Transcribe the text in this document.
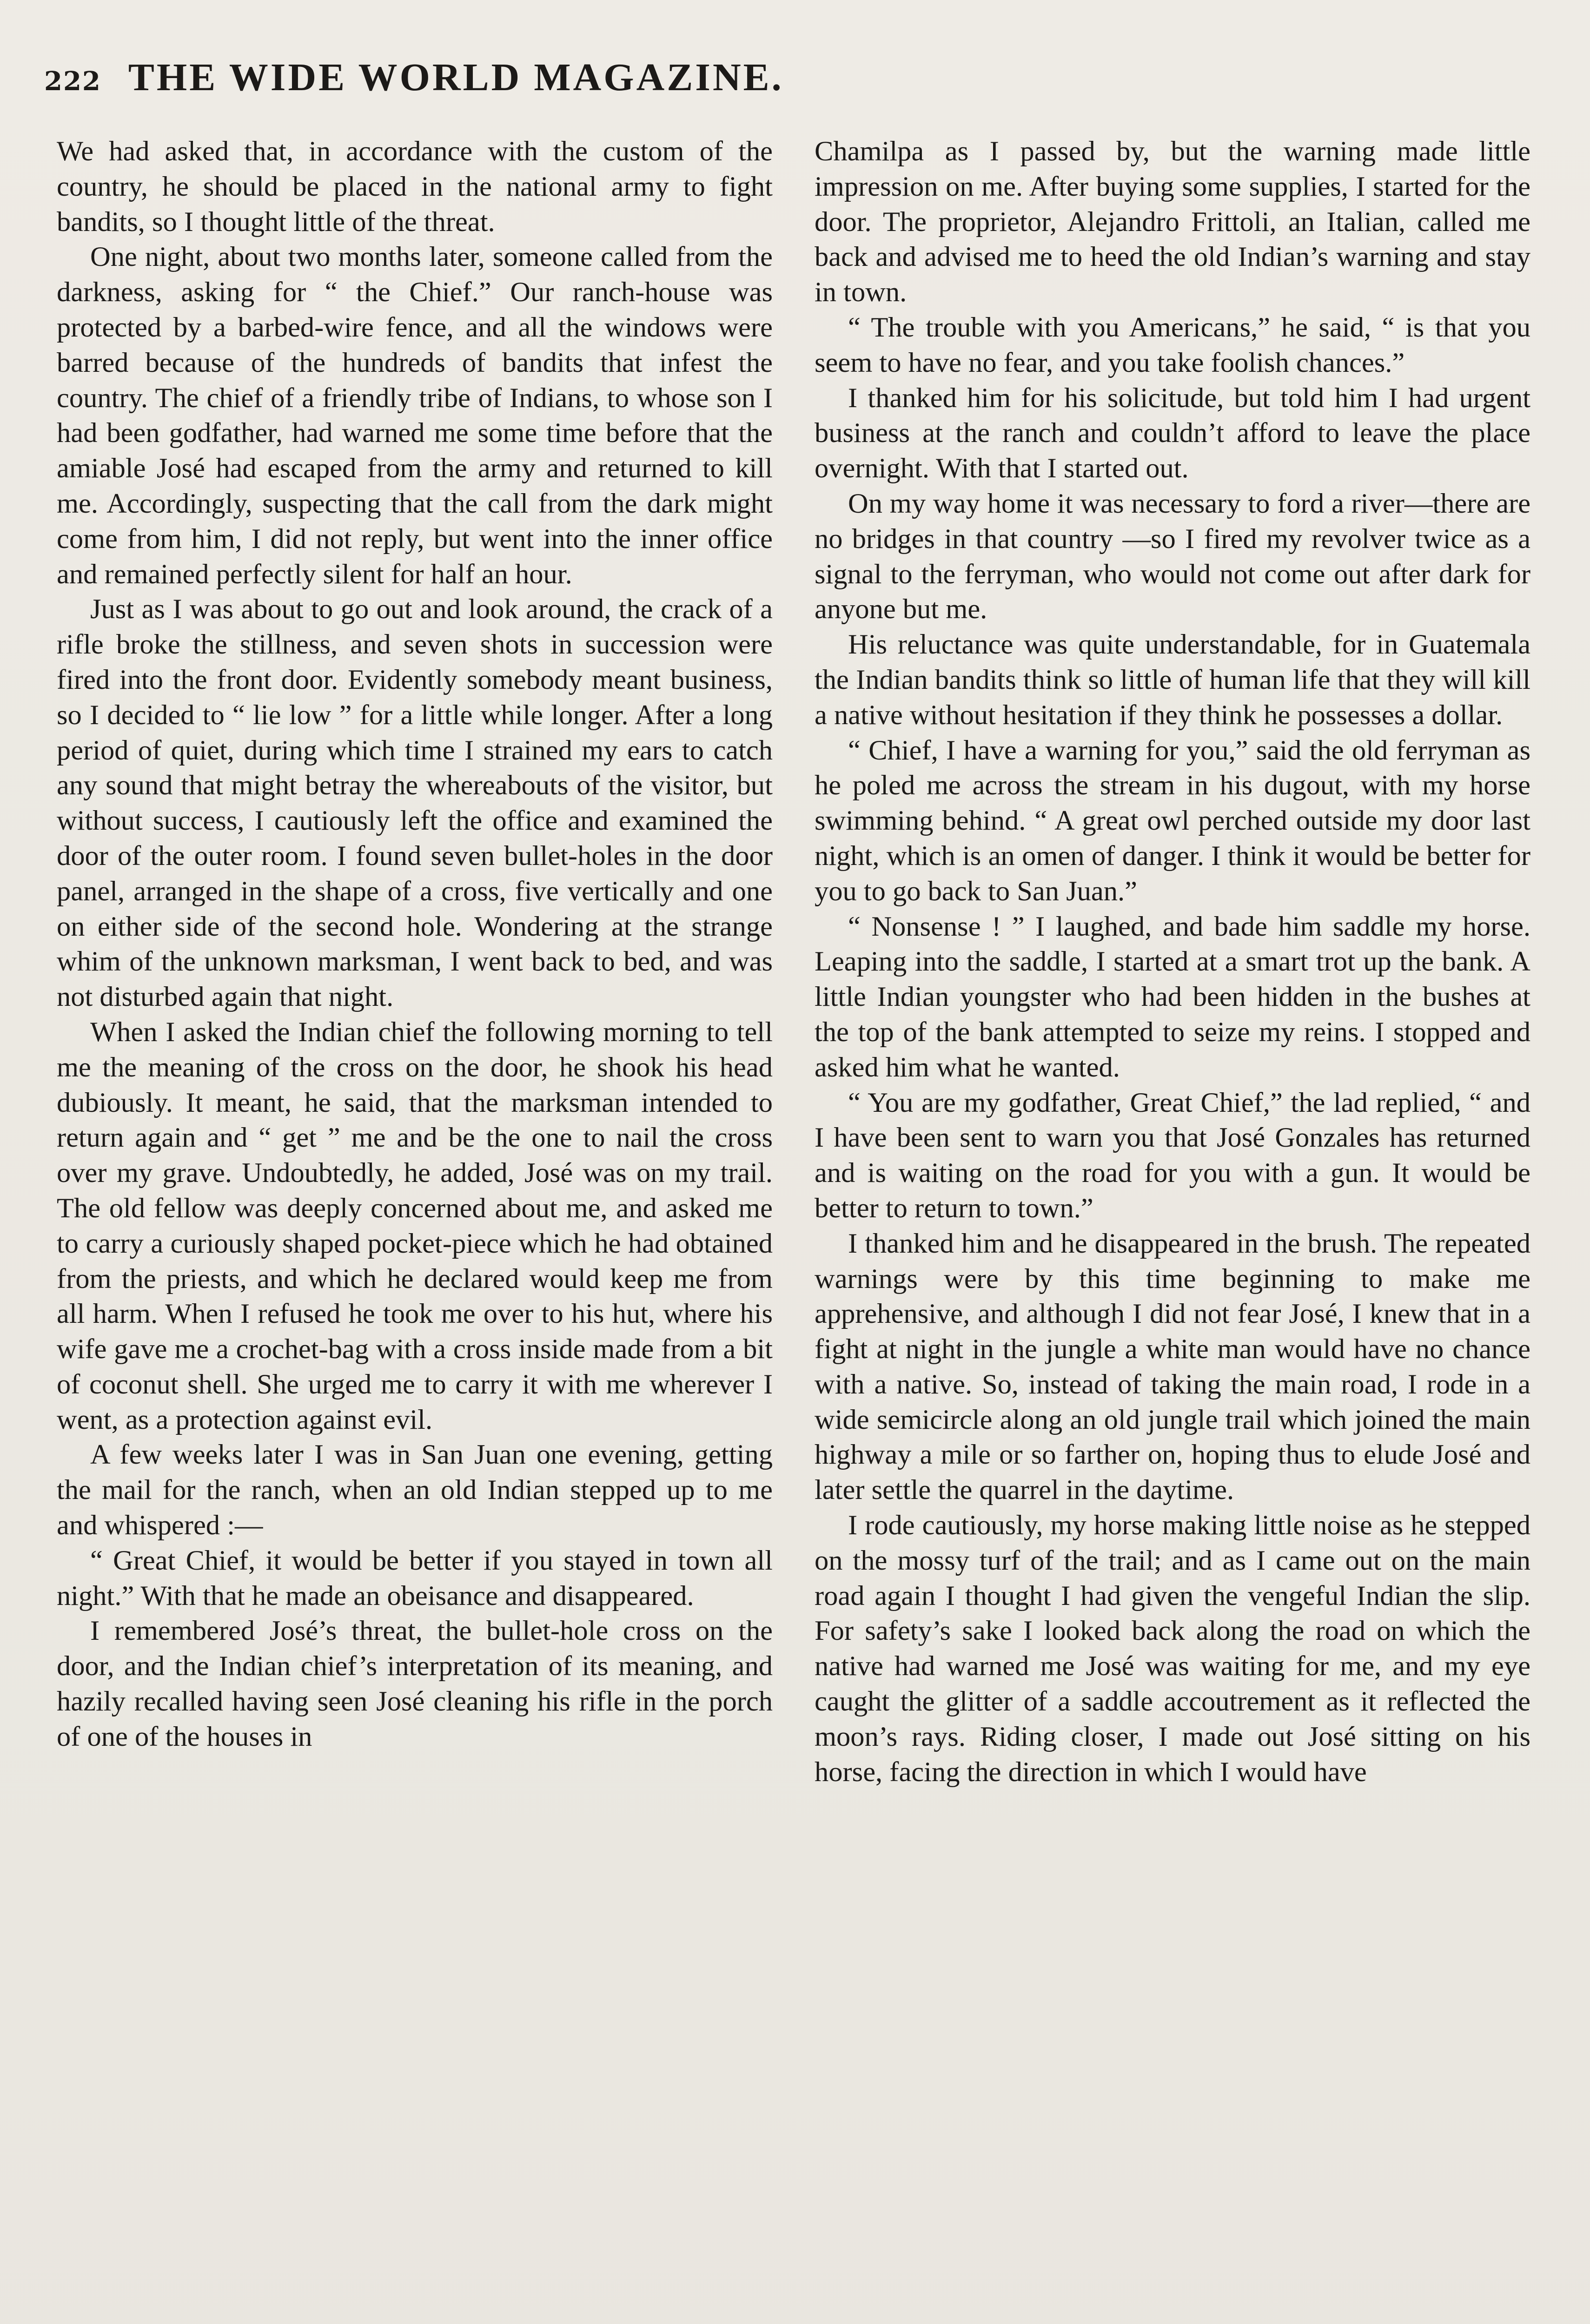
222 THE WIDE WORLD MAGAZINE.

We had asked that, in accordance with the custom of the country, he should be placed in the national army to fight bandits, so I thought little of the threat.

One night, about two months later, someone called from the darkness, asking for “ the Chief.” Our ranch-house was protected by a barbed-wire fence, and all the windows were barred because of the hundreds of bandits that infest the country. The chief of a friendly tribe of Indians, to whose son I had been godfather, had warned me some time before that the amiable José had escaped from the army and returned to kill me. Accordingly, suspecting that the call from the dark might come from him, I did not reply, but went into the inner office and remained perfectly silent for half an hour.

Just as I was about to go out and look around, the crack of a rifle broke the stillness, and seven shots in succession were fired into the front door. Evidently somebody meant business, so I decided to “ lie low ” for a little while longer. After a long period of quiet, during which time I strained my ears to catch any sound that might betray the whereabouts of the visitor, but without success, I cautiously left the office and examined the door of the outer room. I found seven bullet-holes in the door panel, arranged in the shape of a cross, five vertically and one on either side of the second hole. Wondering at the strange whim of the unknown marksman, I went back to bed, and was not disturbed again that night.

When I asked the Indian chief the following morning to tell me the meaning of the cross on the door, he shook his head dubiously. It meant, he said, that the marksman intended to return again and “ get ” me and be the one to nail the cross over my grave. Undoubtedly, he added, José was on my trail. The old fellow was deeply concerned about me, and asked me to carry a curiously shaped pocket-piece which he had obtained from the priests, and which he declared would keep me from all harm. When I refused he took me over to his hut, where his wife gave me a crochet-bag with a cross inside made from a bit of coconut shell. She urged me to carry it with me wherever I went, as a protection against evil.

A few weeks later I was in San Juan one evening, getting the mail for the ranch, when an old Indian stepped up to me and whispered :—

“ Great Chief, it would be better if you stayed in town all night.” With that he made an obeisance and disappeared.

I remembered José’s threat, the bullet-hole cross on the door, and the Indian chief’s interpretation of its meaning, and hazily recalled having seen José cleaning his rifle in the porch of one of the houses in

Chamilpa as I passed by, but the warning made little impression on me. After buying some supplies, I started for the door. The proprietor, Alejandro Frittoli, an Italian, called me back and advised me to heed the old Indian’s warning and stay in town.

“ The trouble with you Americans,” he said, “ is that you seem to have no fear, and you take foolish chances.”

I thanked him for his solicitude, but told him I had urgent business at the ranch and couldn’t afford to leave the place overnight. With that I started out.

On my way home it was necessary to ford a river—there are no bridges in that country —so I fired my revolver twice as a signal to the ferryman, who would not come out after dark for anyone but me.

His reluctance was quite understandable, for in Guatemala the Indian bandits think so little of human life that they will kill a native without hesitation if they think he possesses a dollar.

“ Chief, I have a warning for you,” said the old ferryman as he poled me across the stream in his dugout, with my horse swimming behind. “ A great owl perched outside my door last night, which is an omen of danger. I think it would be better for you to go back to San Juan.”

“ Nonsense ! ” I laughed, and bade him saddle my horse. Leaping into the saddle, I started at a smart trot up the bank. A little Indian youngster who had been hidden in the bushes at the top of the bank attempted to seize my reins. I stopped and asked him what he wanted.

“ You are my godfather, Great Chief,” the lad replied, “ and I have been sent to warn you that José Gonzales has returned and is waiting on the road for you with a gun. It would be better to return to town.”

I thanked him and he disappeared in the brush. The repeated warnings were by this time beginning to make me apprehensive, and although I did not fear José, I knew that in a fight at night in the jungle a white man would have no chance with a native. So, instead of taking the main road, I rode in a wide semicircle along an old jungle trail which joined the main highway a mile or so farther on, hoping thus to elude José and later settle the quarrel in the daytime.

I rode cautiously, my horse making little noise as he stepped on the mossy turf of the trail; and as I came out on the main road again I thought I had given the vengeful Indian the slip. For safety’s sake I looked back along the road on which the native had warned me José was waiting for me, and my eye caught the glitter of a saddle accoutrement as it reflected the moon’s rays. Riding closer, I made out José sitting on his horse, facing the direction in which I would have
